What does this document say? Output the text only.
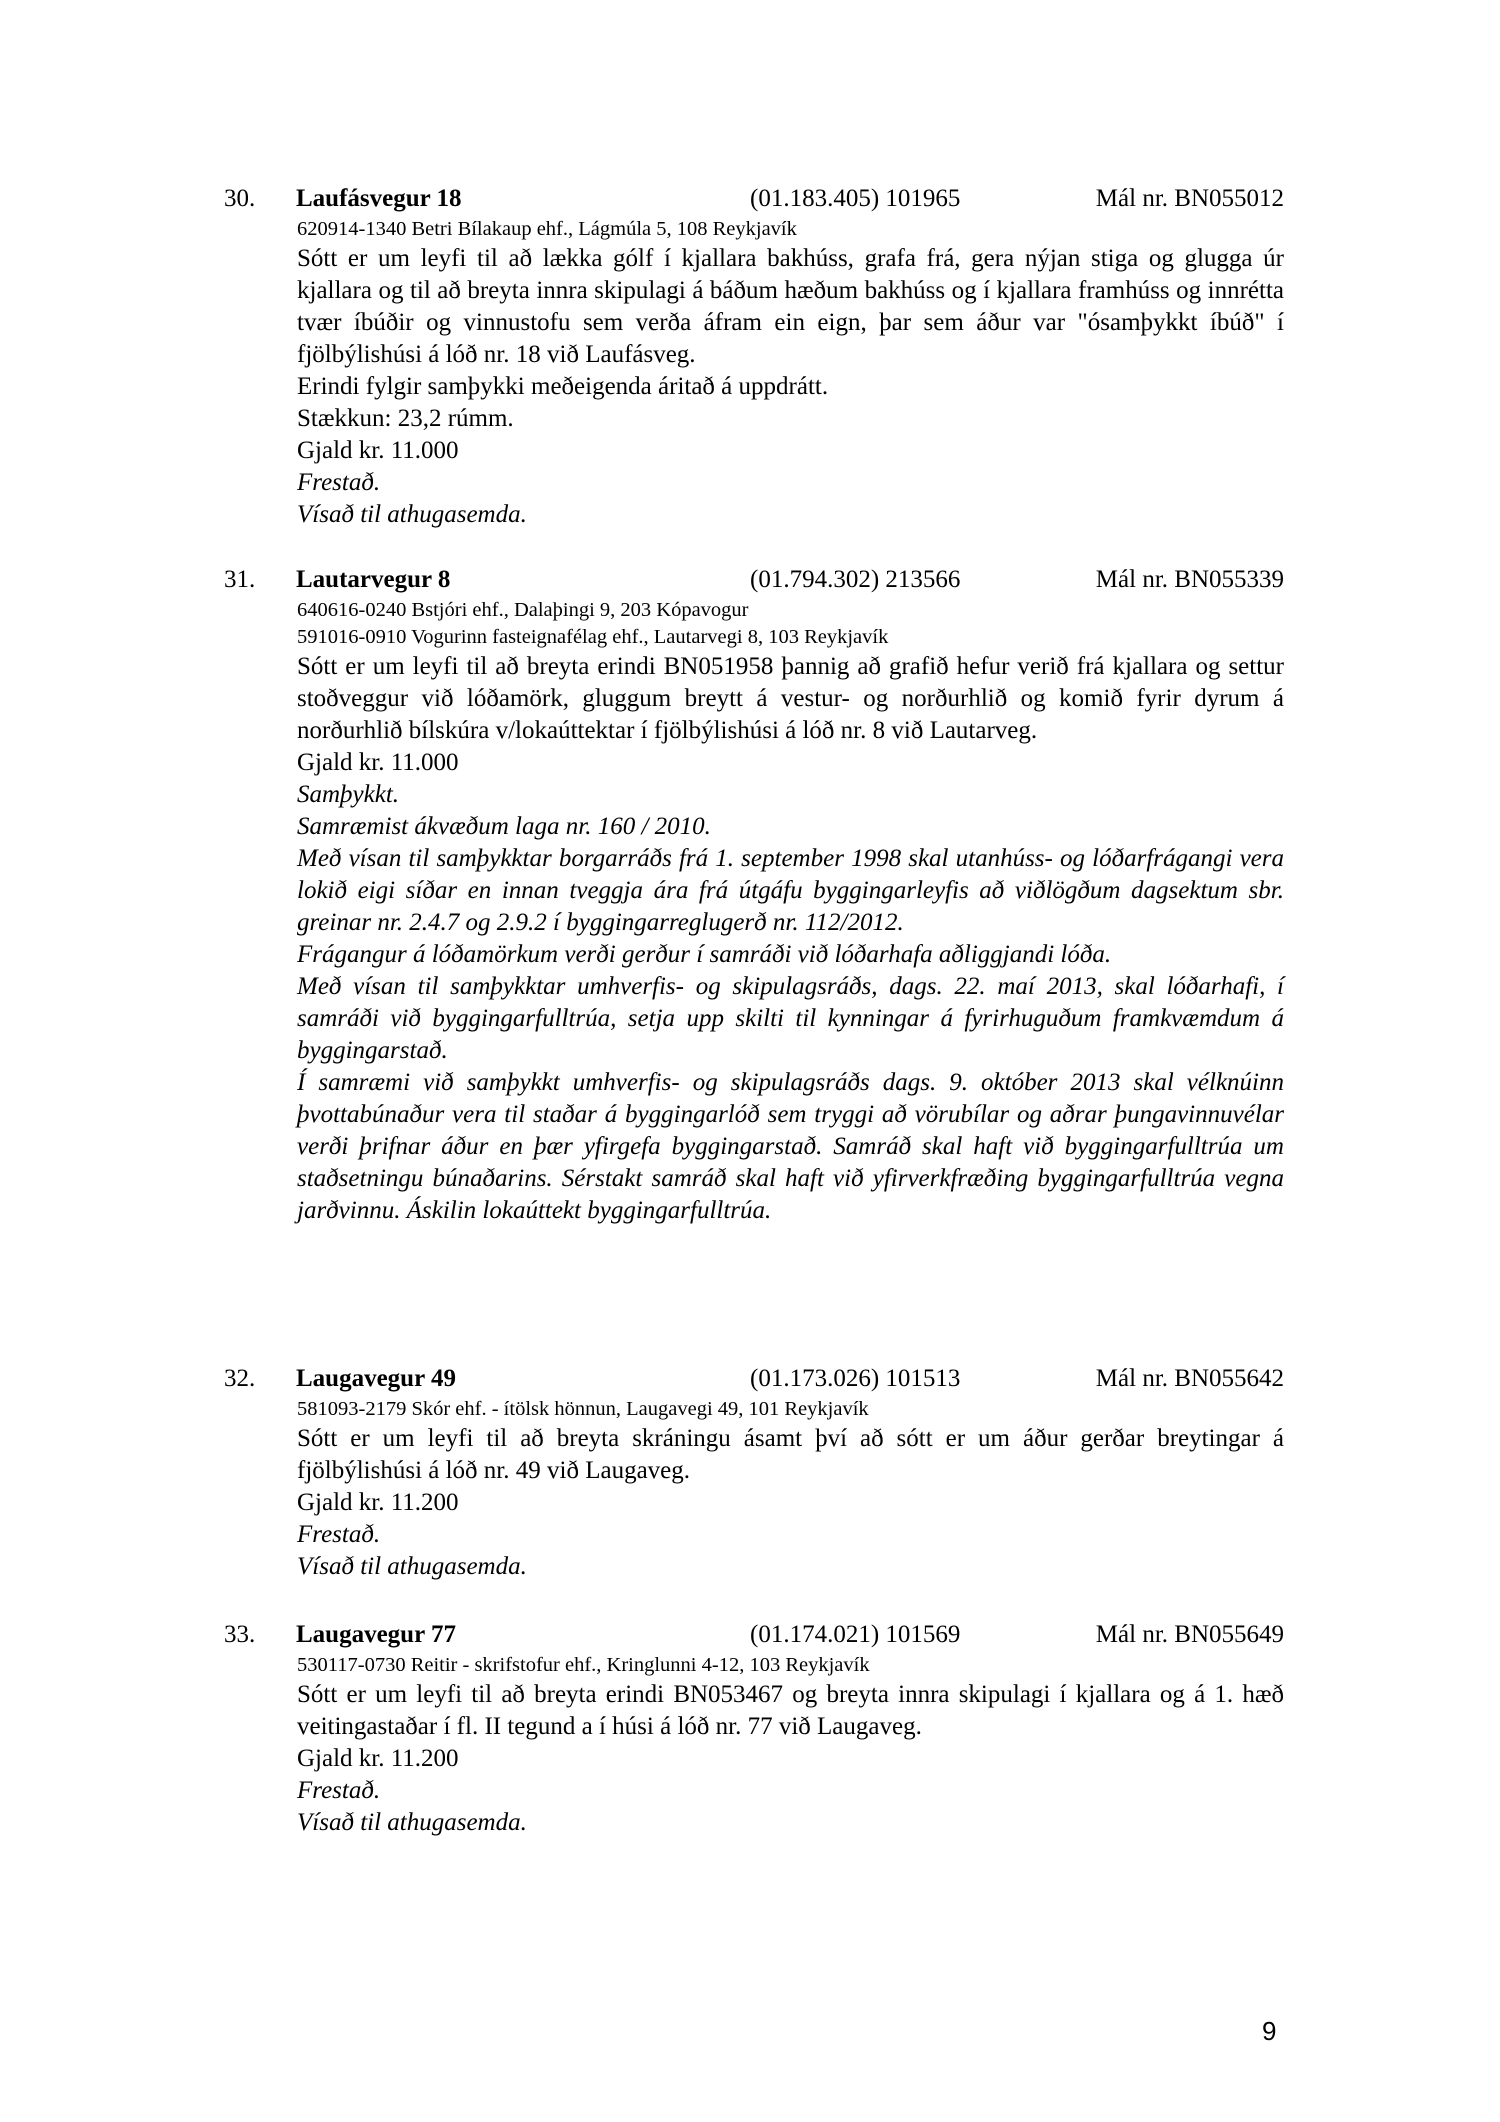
30. Laufásvegur 18	(01.183.405) 101965	Mál nr. BN055012
620914-1340 Betri Bílakaup ehf., Lágmúla 5, 108 Reykjavík
Sótt er um leyfi til að lækka gólf í kjallara bakhúss, grafa frá, gera nýjan stiga og glugga úr kjallara og til að breyta innra skipulagi á báðum hæðum bakhúss og í kjallara framhúss og innrétta tvær íbúðir og vinnustofu sem verða áfram ein eign, þar sem áður var "ósamþykkt íbúð" í fjölbýlishúsi á lóð nr. 18 við Laufásveg.
Erindi fylgir samþykki meðeigenda áritað á uppdrátt.
Stækkun: 23,2 rúmm.
Gjald kr. 11.000
Frestað.
Vísað til athugasemda.
31. Lautarvegur 8	(01.794.302) 213566	Mál nr. BN055339
640616-0240 Bstjóri ehf., Dalaþingi 9, 203 Kópavogur
591016-0910 Vogurinn fasteignafélag ehf., Lautarvegi 8, 103 Reykjavík
Sótt er um leyfi til að breyta erindi BN051958 þannig að grafið hefur verið frá kjallara og settur stoðveggur við lóðamörk, gluggum breytt á vestur- og norðurhlið og komið fyrir dyrum á norðurhlið bílskúra v/lokaúttektar í fjölbýlishúsi á lóð nr. 8 við Lautarveg.
Gjald kr. 11.000
Samþykkt.
Samræmist ákvæðum laga nr. 160 / 2010.
Með vísan til samþykktar borgarráðs frá 1. september 1998 skal utanhúss- og lóðarfrágangi vera lokið eigi síðar en innan tveggja ára frá útgáfu byggingarleyfis að viðlögðum dagsektum sbr. greinar nr. 2.4.7 og 2.9.2 í byggingarreglugerð nr. 112/2012.
Frágangur á lóðamörkum verði gerður í samráði við lóðarhafa aðliggjandi lóða.
Með vísan til samþykktar umhverfis- og skipulagsráðs, dags. 22. maí 2013, skal lóðarhafi, í samráði við byggingarfulltrúa, setja upp skilti til kynningar á fyrirhuguðum framkvæmdum á byggingarstað.
Í samræmi við samþykkt umhverfis- og skipulagsráðs dags. 9. október 2013 skal vélknúinn þvottabúnaður vera til staðar á byggingarlóð sem tryggi að vörubílar og aðrar þungavinnuvélar verði þrifnar áður en þær yfirgefa byggingarstað. Samráð skal haft við byggingarfulltrúa um staðsetningu búnaðarins. Sérstakt samráð skal haft við yfirverkfræðing byggingarfulltrúa vegna jarðvinnu. Áskilin lokaúttekt byggingarfulltrúa.
32. Laugavegur 49	(01.173.026) 101513	Mál nr. BN055642
581093-2179 Skór ehf. - ítölsk hönnun, Laugavegi 49, 101 Reykjavík
Sótt er um leyfi til að breyta skráningu ásamt því að sótt er um áður gerðar breytingar á fjölbýlishúsi á lóð nr. 49 við Laugaveg.
Gjald kr. 11.200
Frestað.
Vísað til athugasemda.
33. Laugavegur 77	(01.174.021) 101569	Mál nr. BN055649
530117-0730 Reitir - skrifstofur ehf., Kringlunni 4-12, 103 Reykjavík
Sótt er um leyfi til að breyta erindi BN053467 og breyta innra skipulagi í kjallara og á 1. hæð veitingastaðar í fl. II tegund a í húsi á lóð nr. 77 við Laugaveg.
Gjald kr. 11.200
Frestað.
Vísað til athugasemda.
9
